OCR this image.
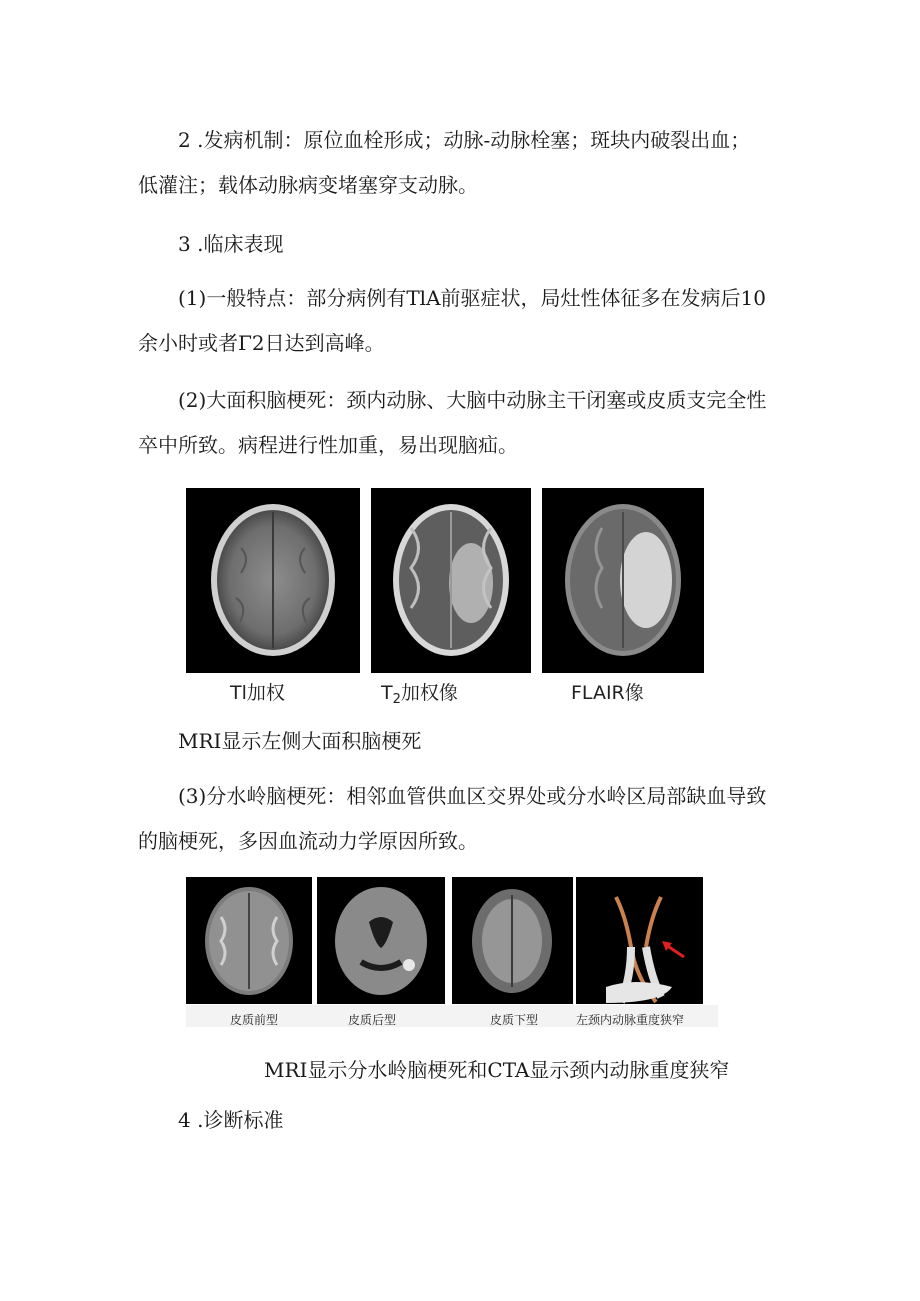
2 .发病机制：原位血栓形成；动脉-动脉栓塞；斑块内破裂出血；
低灌注；载体动脉病变堵塞穿支动脉。
3 .临床表现

(1)一般特点：部分病例有TlA前驱症状，局灶性体征多在发病后10余小时或者Γ2日达到高峰。

(2)大面积脑梗死：颈内动脉、大脑中动脉主干闭塞或皮质支完全性卒中所致。病程进行性加重，易出现脑疝。

Tl加权	$T_2$加权像	FLAIR像
MRI显示左侧大面积脑梗死

(3)分水岭脑梗死：相邻血管供血区交界处或分水岭区局部缺血导致的脑梗死，多因血流动力学原因所致。

皮质前型	皮质后型	皮质下型	左颈内动脉重度狭窄
MRI显示分水岭脑梗死和CTA显示颈内动脉重度狭窄
4 .诊断标准
